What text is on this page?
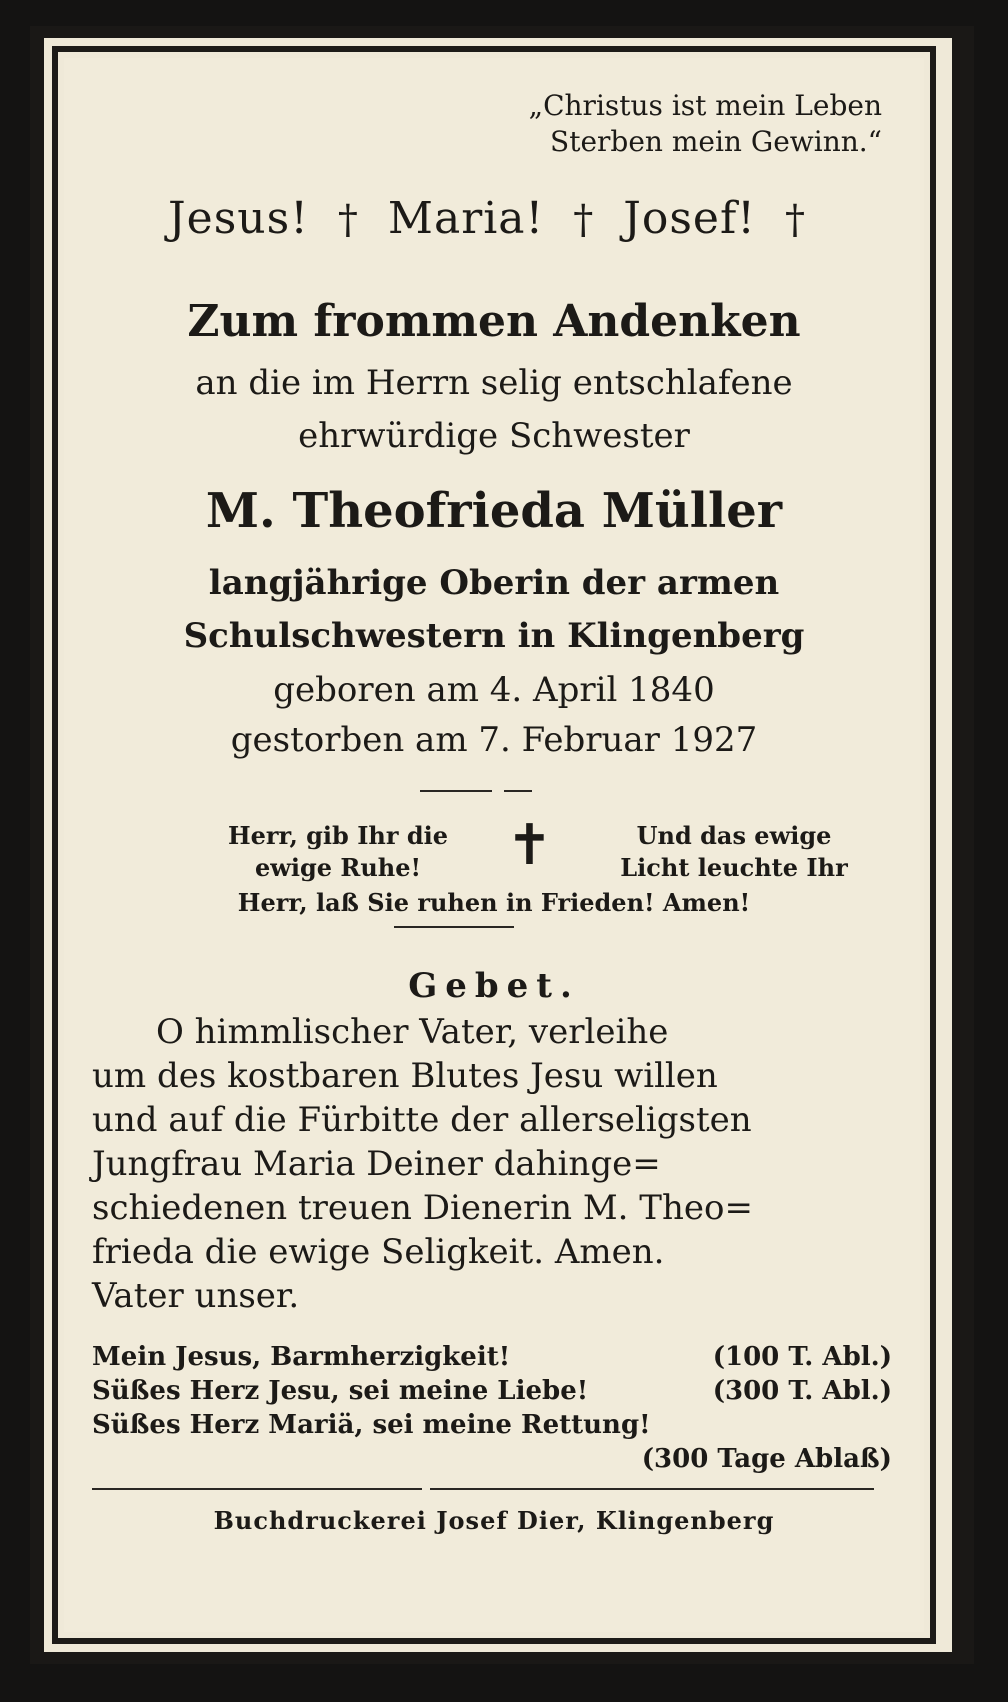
„Christus ist mein Leben
Sterben mein Gewinn.“
Jesus! † Maria! † Josef! †
Zum frommen Andenken
an die im Herrn selig entschlafene
ehrwürdige Schwester
M. Theofrieda Müller
langjährige Oberin der armen
Schulschwestern in Klingenberg
geboren am 4. April 1840
gestorben am 7. Februar 1927
Herr, gib Ihr die
ewige Ruhe!	✝	Und das ewige
Licht leuchte Ihr
Herr, laß Sie ruhen in Frieden! Amen!
Gebet.
O himmlischer Vater, verleihe
um des kostbaren Blutes Jesu willen
und auf die Fürbitte der allerseligsten
Jungfrau Maria Deiner dahinge=
schiedenen treuen Dienerin M. Theo=
frieda die ewige Seligkeit. Amen.
Vater unser.
Mein Jesus, Barmherzigkeit!	(100 T. Abl.)
Süßes Herz Jesu, sei meine Liebe!	(300 T. Abl.)
Süßes Herz Mariä, sei meine Rettung!
(300 Tage Ablaß)
Buchdruckerei Josef Dier, Klingenberg
